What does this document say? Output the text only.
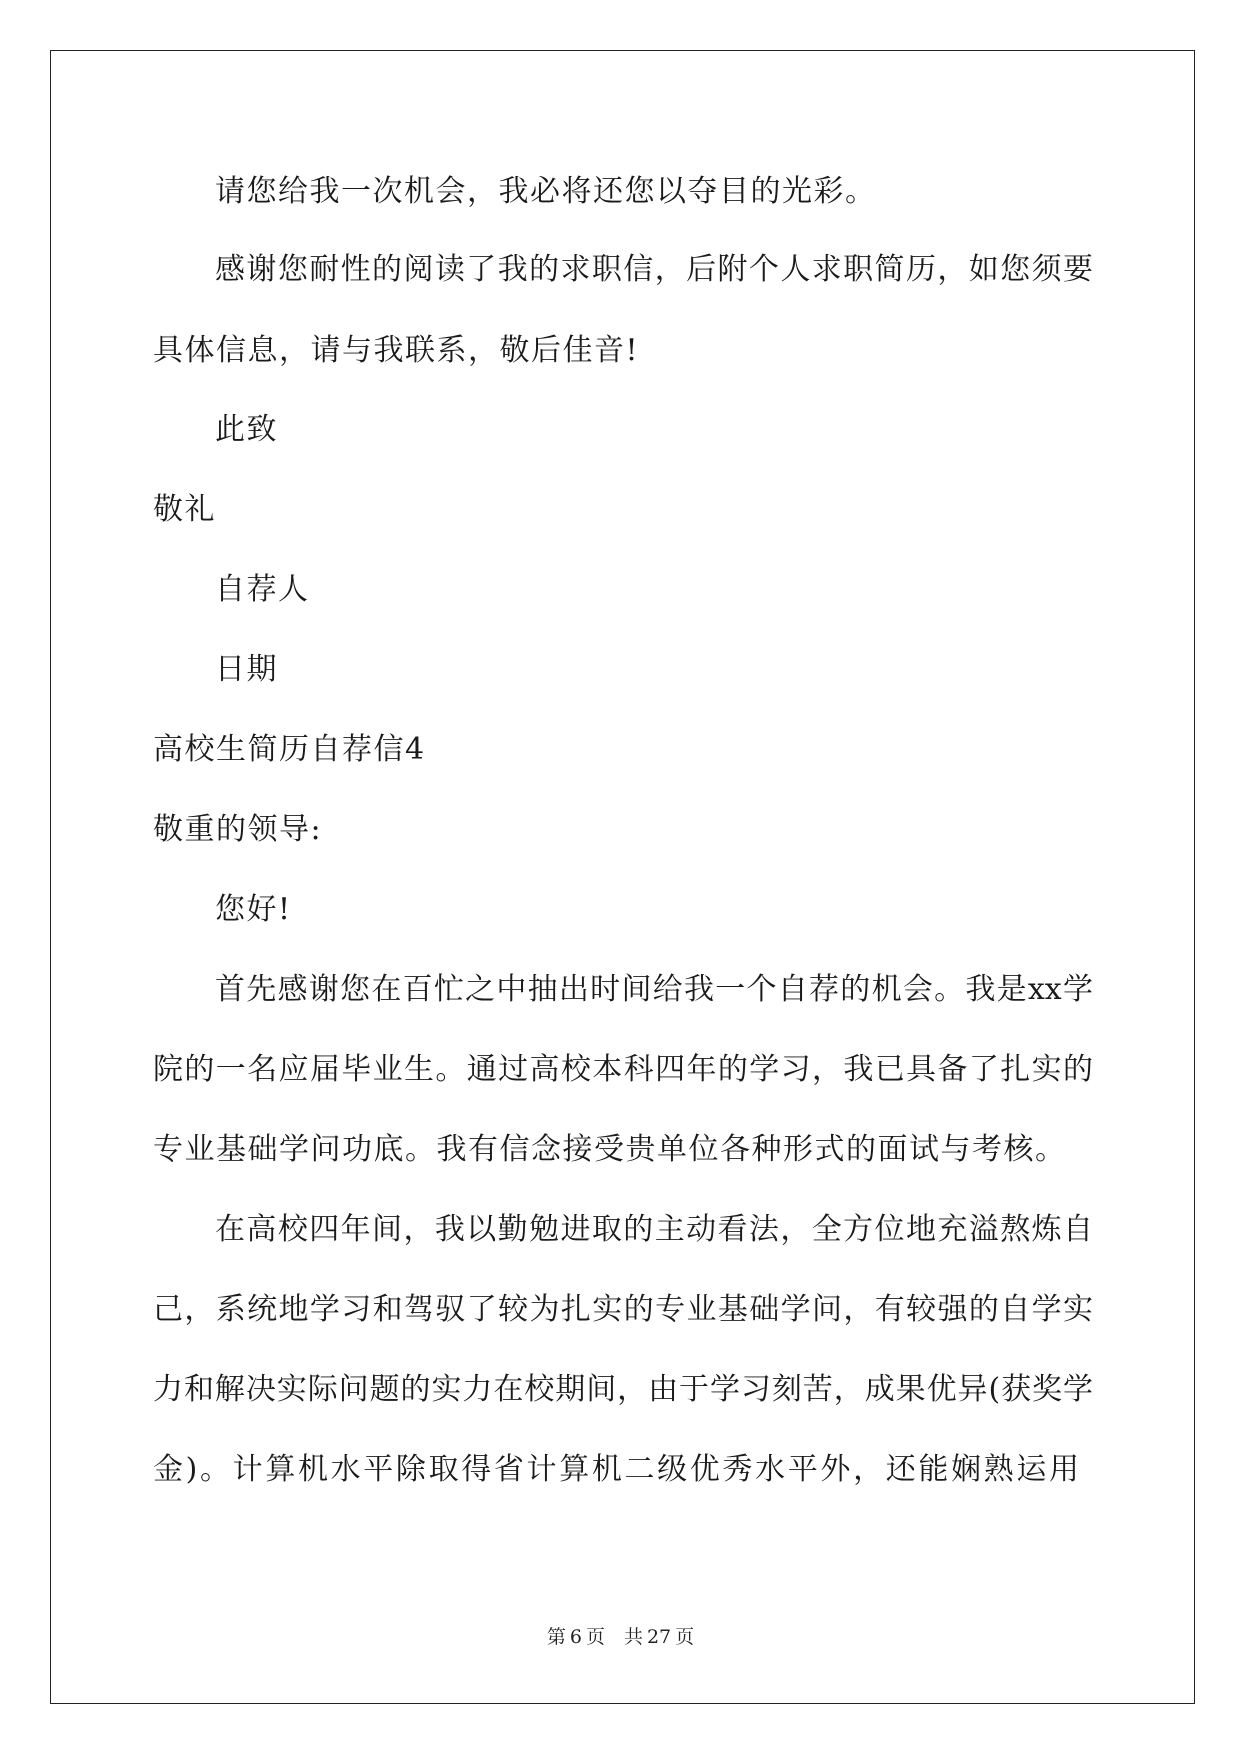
请您给我一次机会，我必将还您以夺目的光彩。
感谢您耐性的阅读了我的求职信，后附个人求职简历，如您须要
具体信息，请与我联系，敬后佳音!
此致
敬礼
自荐人
日期
高校生简历自荐信4
敬重的领导:
您好!
首先感谢您在百忙之中抽出时间给我一个自荐的机会。我是xx学
院的一名应届毕业生。通过高校本科四年的学习，我已具备了扎实的
专业基础学问功底。我有信念接受贵单位各种形式的面试与考核。
在高校四年间，我以勤勉进取的主动看法，全方位地充溢熬炼自
己，系统地学习和驾驭了较为扎实的专业基础学问，有较强的自学实
力和解决实际问题的实力在校期间，由于学习刻苦，成果优异(获奖学
金)。计算机水平除取得省计算机二级优秀水平外，还能娴熟运用
第 6 页　共 27 页
